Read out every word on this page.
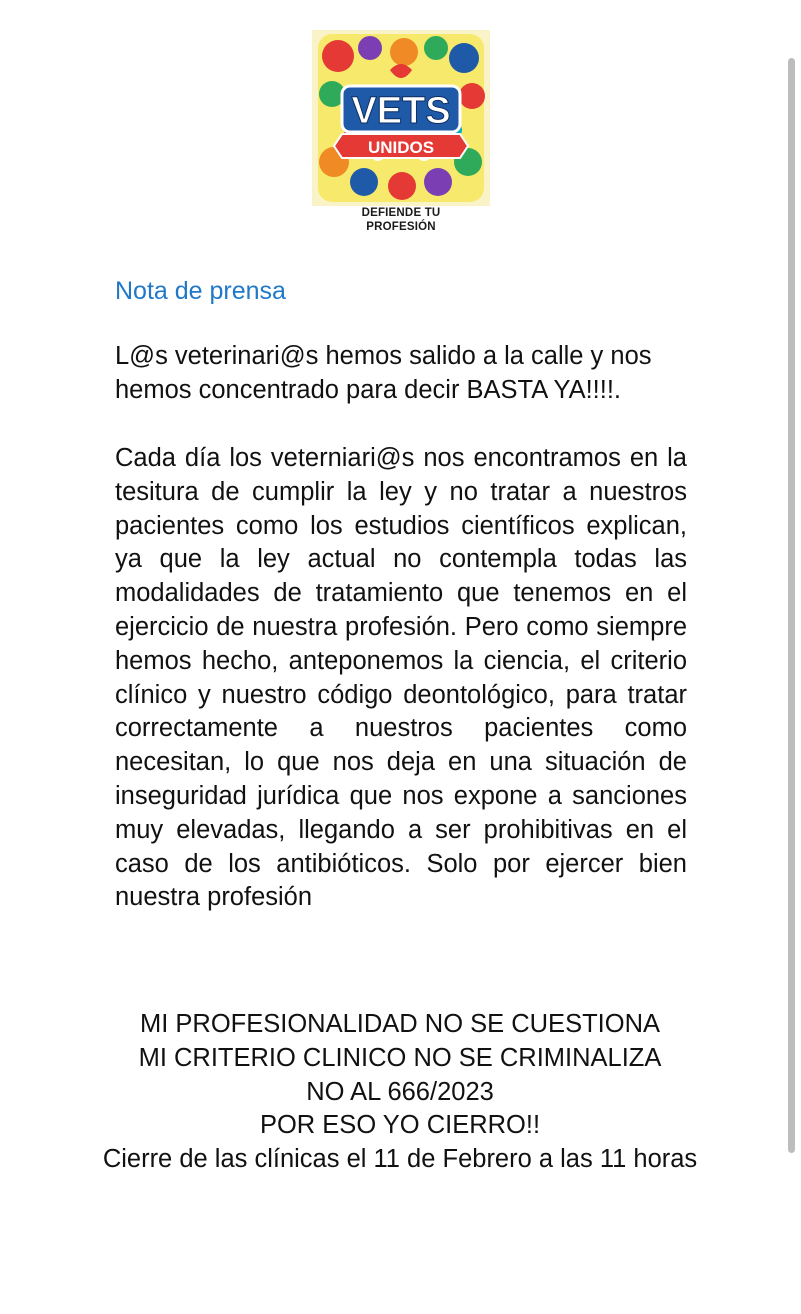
VETS
UNIDOS
DEFIENDE TU
PROFESIÓN
Nota de prensa

L@s veterinari@s hemos salido a la calle y nos hemos concentrado para decir BASTA YA!!!!.

Cada día los veterniari@s nos encontramos en la tesitura de cumplir la ley y no tratar a nuestros pacientes como los estudios científicos explican, ya que la ley actual no contempla todas las modalidades de tratamiento que tenemos en el ejercicio de nuestra profesión. Pero como siempre hemos hecho, anteponemos la ciencia, el criterio clínico y nuestro código deontológico, para tratar correctamente a nuestros pacientes como necesitan, lo que nos deja en una situación de inseguridad jurídica que nos expone a sanciones muy elevadas, llegando a ser prohibitivas en el caso de los antibióticos. Solo por ejercer bien nuestra profesión

MI PROFESIONALIDAD NO SE CUESTIONA
MI CRITERIO CLINICO NO SE CRIMINALIZA
NO AL 666/2023
POR ESO YO CIERRO!!
Cierre de las clínicas el 11 de Febrero a las 11 horas
